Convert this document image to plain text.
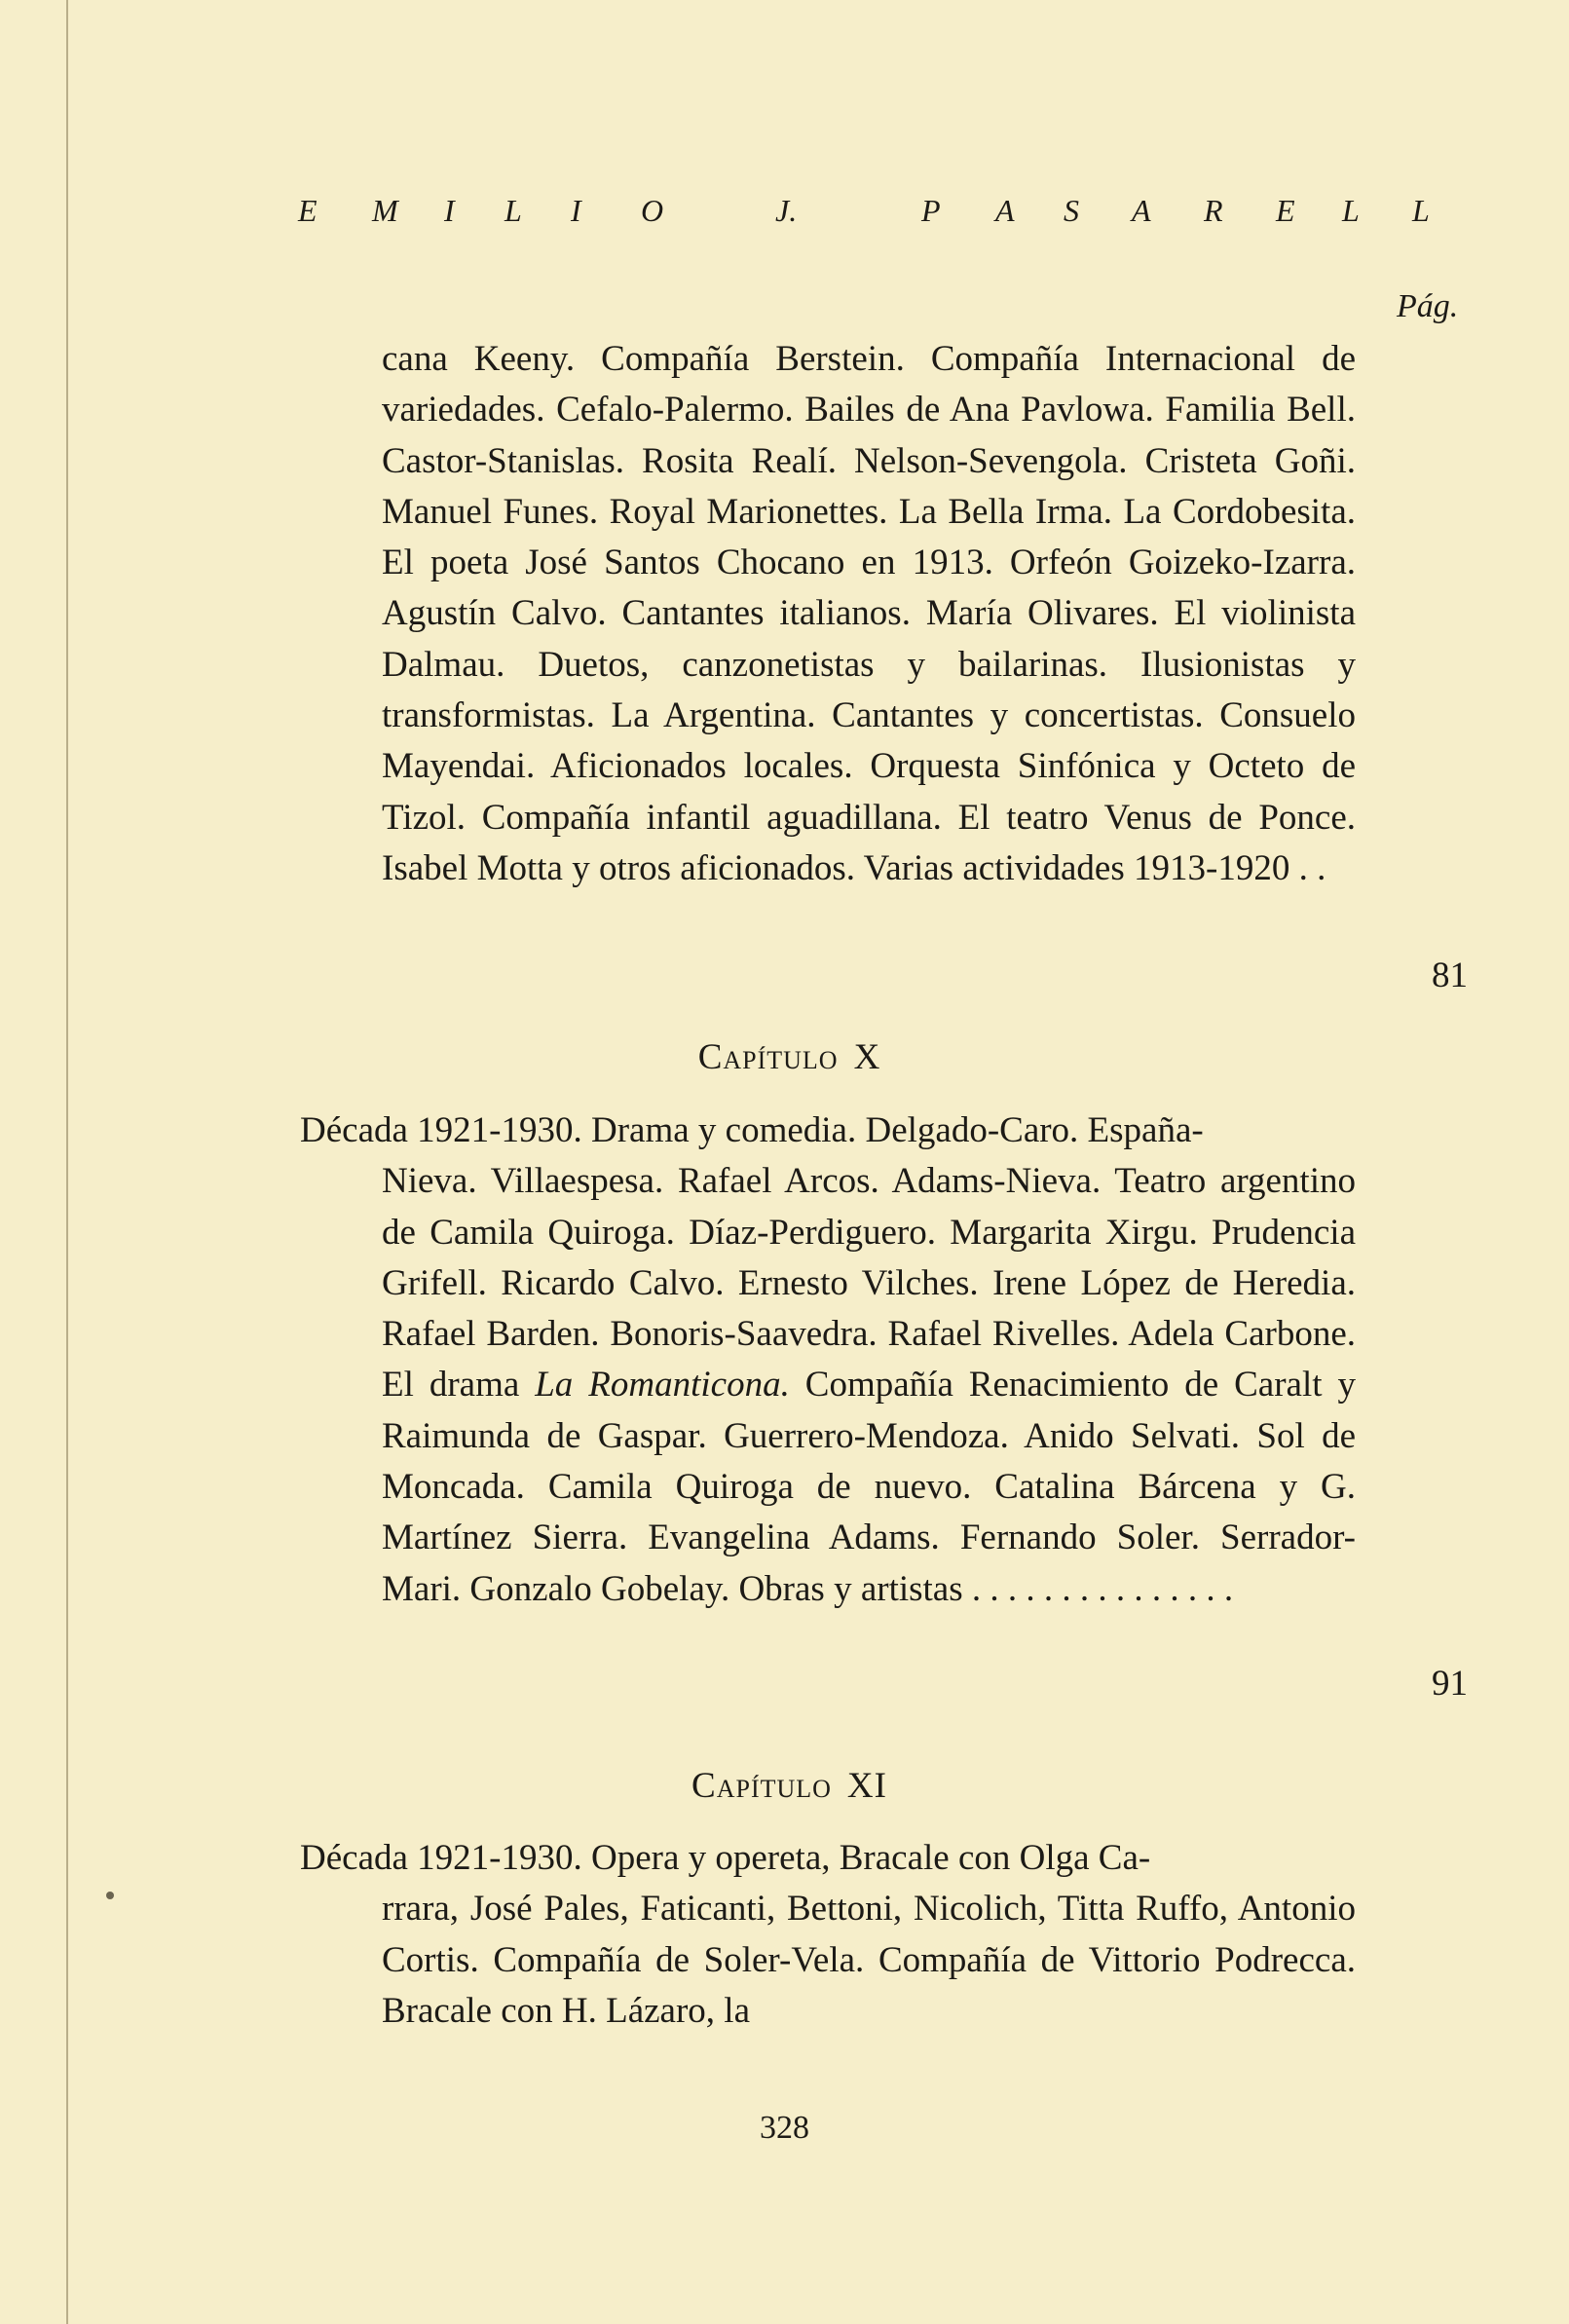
E M I L I O	J.	P A S A R E L L
Pág.
cana Keeny. Compañía Berstein. Compañía Internacional de variedades. Cefalo-Palermo. Bailes de Ana Pavlowa. Familia Bell. Castor-Stanislas. Rosita Realí. Nelson-Sevengola. Cristeta Goñi. Manuel Funes. Royal Marionettes. La Bella Irma. La Cordobesita. El poeta José Santos Chocano en 1913. Orfeón Goizeko-Izarra. Agustín Calvo. Cantantes italianos. María Olivares. El violinista Dalmau. Duetos, canzonetistas y bailarinas. Ilusionistas y transformistas. La Argentina. Cantantes y concertistas. Consuelo Mayendai. Aficionados locales. Orquesta Sinfónica y Octeto de Tizol. Compañía infantil aguadillana. El teatro Venus de Ponce. Isabel Motta y otros aficionados. Varias actividades 1913-1920 . .
81
Capítulo X
Década 1921-1930. Drama y comedia. Delgado-Caro. España-
Nieva. Villaespesa. Rafael Arcos. Adams-Nieva. Teatro argentino de Camila Quiroga. Díaz-Perdiguero. Margarita Xirgu. Prudencia Grifell. Ricardo Calvo. Ernesto Vilches. Irene López de Heredia. Rafael Barden. Bonoris-Saavedra. Rafael Rivelles. Adela Carbone. El drama La Romanticona. Compañía Renacimiento de Caralt y Raimunda de Gaspar. Guerrero-Mendoza. Anido Selvati. Sol de Moncada. Camila Quiroga de nuevo. Catalina Bárcena y G. Martínez Sierra. Evangelina Adams. Fernando Soler. Serrador-Mari. Gonzalo Gobelay. Obras y artistas . . . . . . . . . . . . . . .
91
Capítulo XI
Década 1921-1930. Opera y opereta, Bracale con Olga Ca-
rrara, José Pales, Faticanti, Bettoni, Nicolich, Titta Ruffo, Antonio Cortis. Compañía de Soler-Vela. Compañía de Vittorio Podrecca. Bracale con H. Lázaro, la
328
